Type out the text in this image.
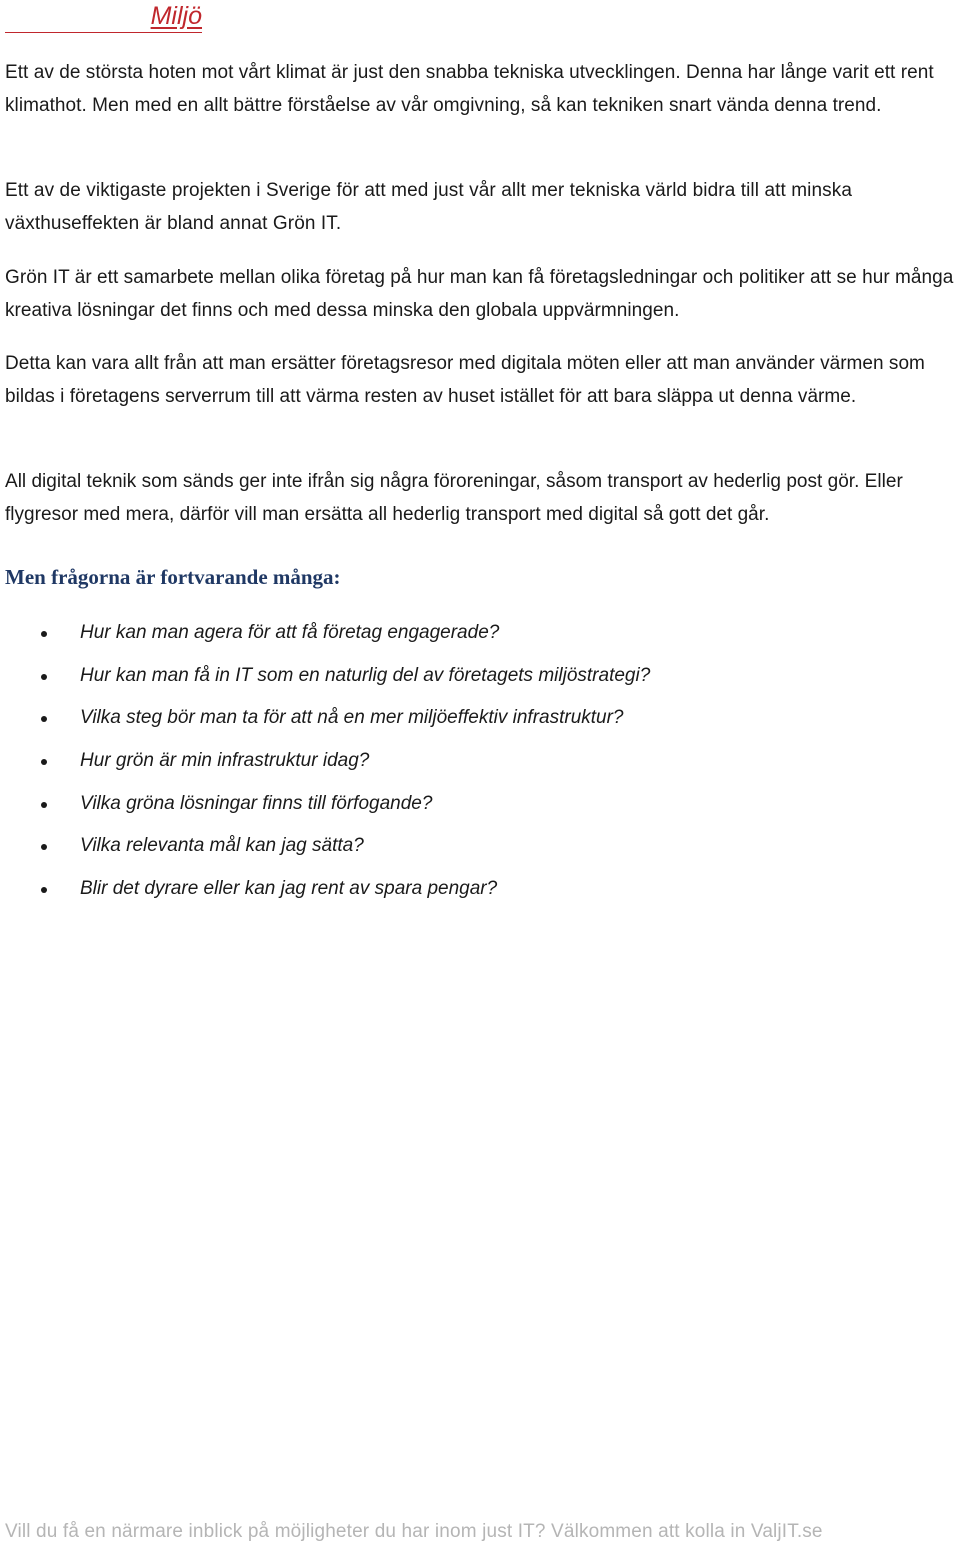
Miljö

Ett av de största hoten mot vårt klimat är just den snabba tekniska utvecklingen. Denna har långe varit ett rent klimathot. Men med en allt bättre förståelse av vår omgivning, så kan tekniken snart vända denna trend.

Ett av de viktigaste projekten i Sverige för att med just vår allt mer tekniska värld bidra till att minska växthuseffekten är bland annat Grön IT.

Grön IT är ett samarbete mellan olika företag på hur man kan få företagsledningar och politiker att se hur många kreativa lösningar det finns och med dessa minska den globala uppvärmningen.

Detta kan vara allt från att man ersätter företagsresor med digitala möten eller att man använder värmen som bildas i företagens serverrum till att värma resten av huset istället för att bara släppa ut denna värme.

All digital teknik som sänds ger inte ifrån sig några föroreningar, såsom transport av hederlig post gör. Eller flygresor med mera, därför vill man ersätta all hederlig transport med digital så gott det går.

Men frågorna är fortvarande många:
Hur kan man agera för att få företag engagerade?
Hur kan man få in IT som en naturlig del av företagets miljöstrategi?
Vilka steg bör man ta för att nå en mer miljöeffektiv infrastruktur?
Hur grön är min infrastruktur idag?
Vilka gröna lösningar finns till förfogande?
Vilka relevanta mål kan jag sätta?
Blir det dyrare eller kan jag rent av spara pengar?

Vill du få en närmare inblick på möjligheter du har inom just IT? Välkommen att kolla in ValjIT.se
